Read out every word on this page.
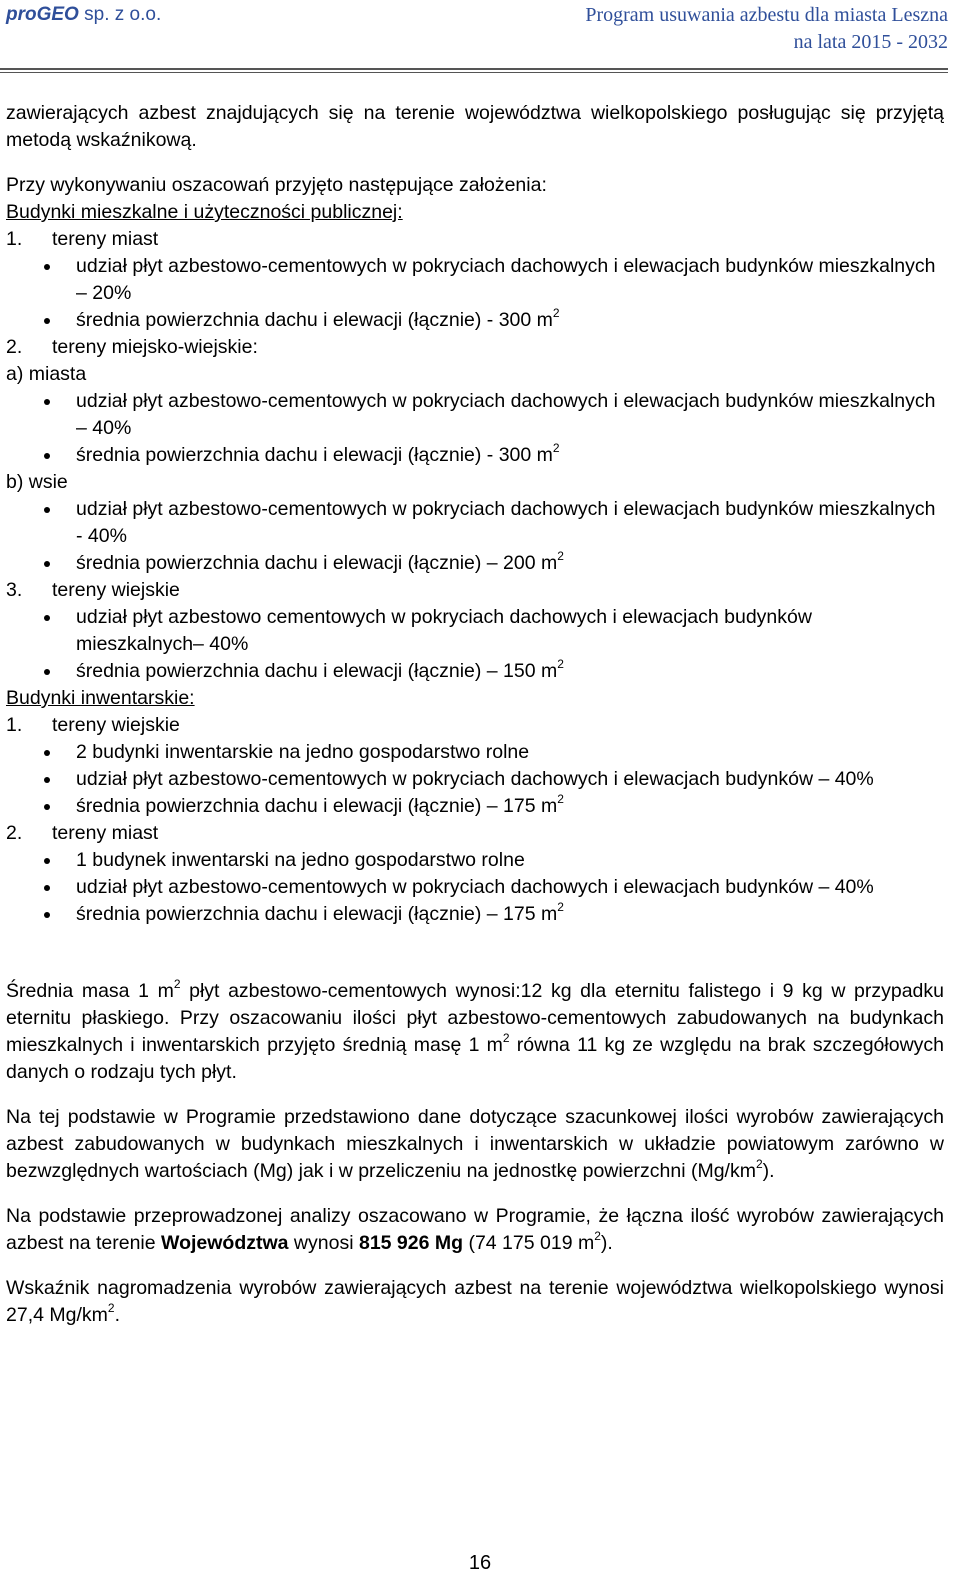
proGEO sp. z o.o.	Program usuwania azbestu dla miasta Leszna
na lata 2015 - 2032

zawierających azbest znajdujących się na terenie województwa wielkopolskiego posługując się przyjętą metodą wskaźnikową.

Przy wykonywaniu oszacowań przyjęto następujące założenia:

Budynki mieszkalne i użyteczności publicznej:

1.	tereny miast
udział płyt azbestowo-cementowych w pokryciach dachowych i elewacjach budynków mieszkalnych – 20%
średnia powierzchnia dachu i elewacji (łącznie) - 300 $m^2$
2.	tereny miejsko-wiejskie:

a) miasta

udział płyt azbestowo-cementowych w pokryciach dachowych i elewacjach budynków mieszkalnych – 40%
średnia powierzchnia dachu i elewacji (łącznie) - 300 $m^2$

b) wsie

udział płyt azbestowo-cementowych w pokryciach dachowych i elewacjach budynków mieszkalnych - 40%
średnia powierzchnia dachu i elewacji (łącznie) – 200 $m^2$
3.	tereny wiejskie
udział płyt azbestowo cementowych w pokryciach dachowych i elewacjach budynków mieszkalnych– 40%
średnia powierzchnia dachu i elewacji (łącznie) – 150 $m^2$

Budynki inwentarskie:

1.	tereny wiejskie
2 budynki inwentarskie na jedno gospodarstwo rolne
udział płyt azbestowo-cementowych w pokryciach dachowych i elewacjach budynków – 40%
średnia powierzchnia dachu i elewacji (łącznie) – 175 $m^2$
2.	tereny miast
1 budynek inwentarski na jedno gospodarstwo rolne
udział płyt azbestowo-cementowych w pokryciach dachowych i elewacjach budynków – 40%
średnia powierzchnia dachu i elewacji (łącznie) – 175 $m^2$

Średnia masa 1 $m^2$ płyt azbestowo-cementowych wynosi:12 kg dla eternitu falistego i 9 kg w przypadku eternitu płaskiego. Przy oszacowaniu ilości płyt azbestowo-cementowych zabudowanych na budynkach mieszkalnych i inwentarskich przyjęto średnią masę 1 $m^2$ równa 11 kg ze względu na brak szczegółowych danych o rodzaju tych płyt.

Na tej podstawie w Programie przedstawiono dane dotyczące szacunkowej ilości wyrobów zawierających azbest zabudowanych w budynkach mieszkalnych i inwentarskich w układzie powiatowym zarówno w bezwzględnych wartościach (Mg) jak i w przeliczeniu na jednostkę powierzchni $(Mg/km^2)$.

Na podstawie przeprowadzonej analizy oszacowano w Programie, że łączna ilość wyrobów zawierających azbest na terenie Województwa wynosi 815 926 Mg (74 175 019 $m^2$).

Wskaźnik nagromadzenia wyrobów zawierających azbest na terenie województwa wielkopolskiego wynosi 27,4 $Mg/km^2$.

16
